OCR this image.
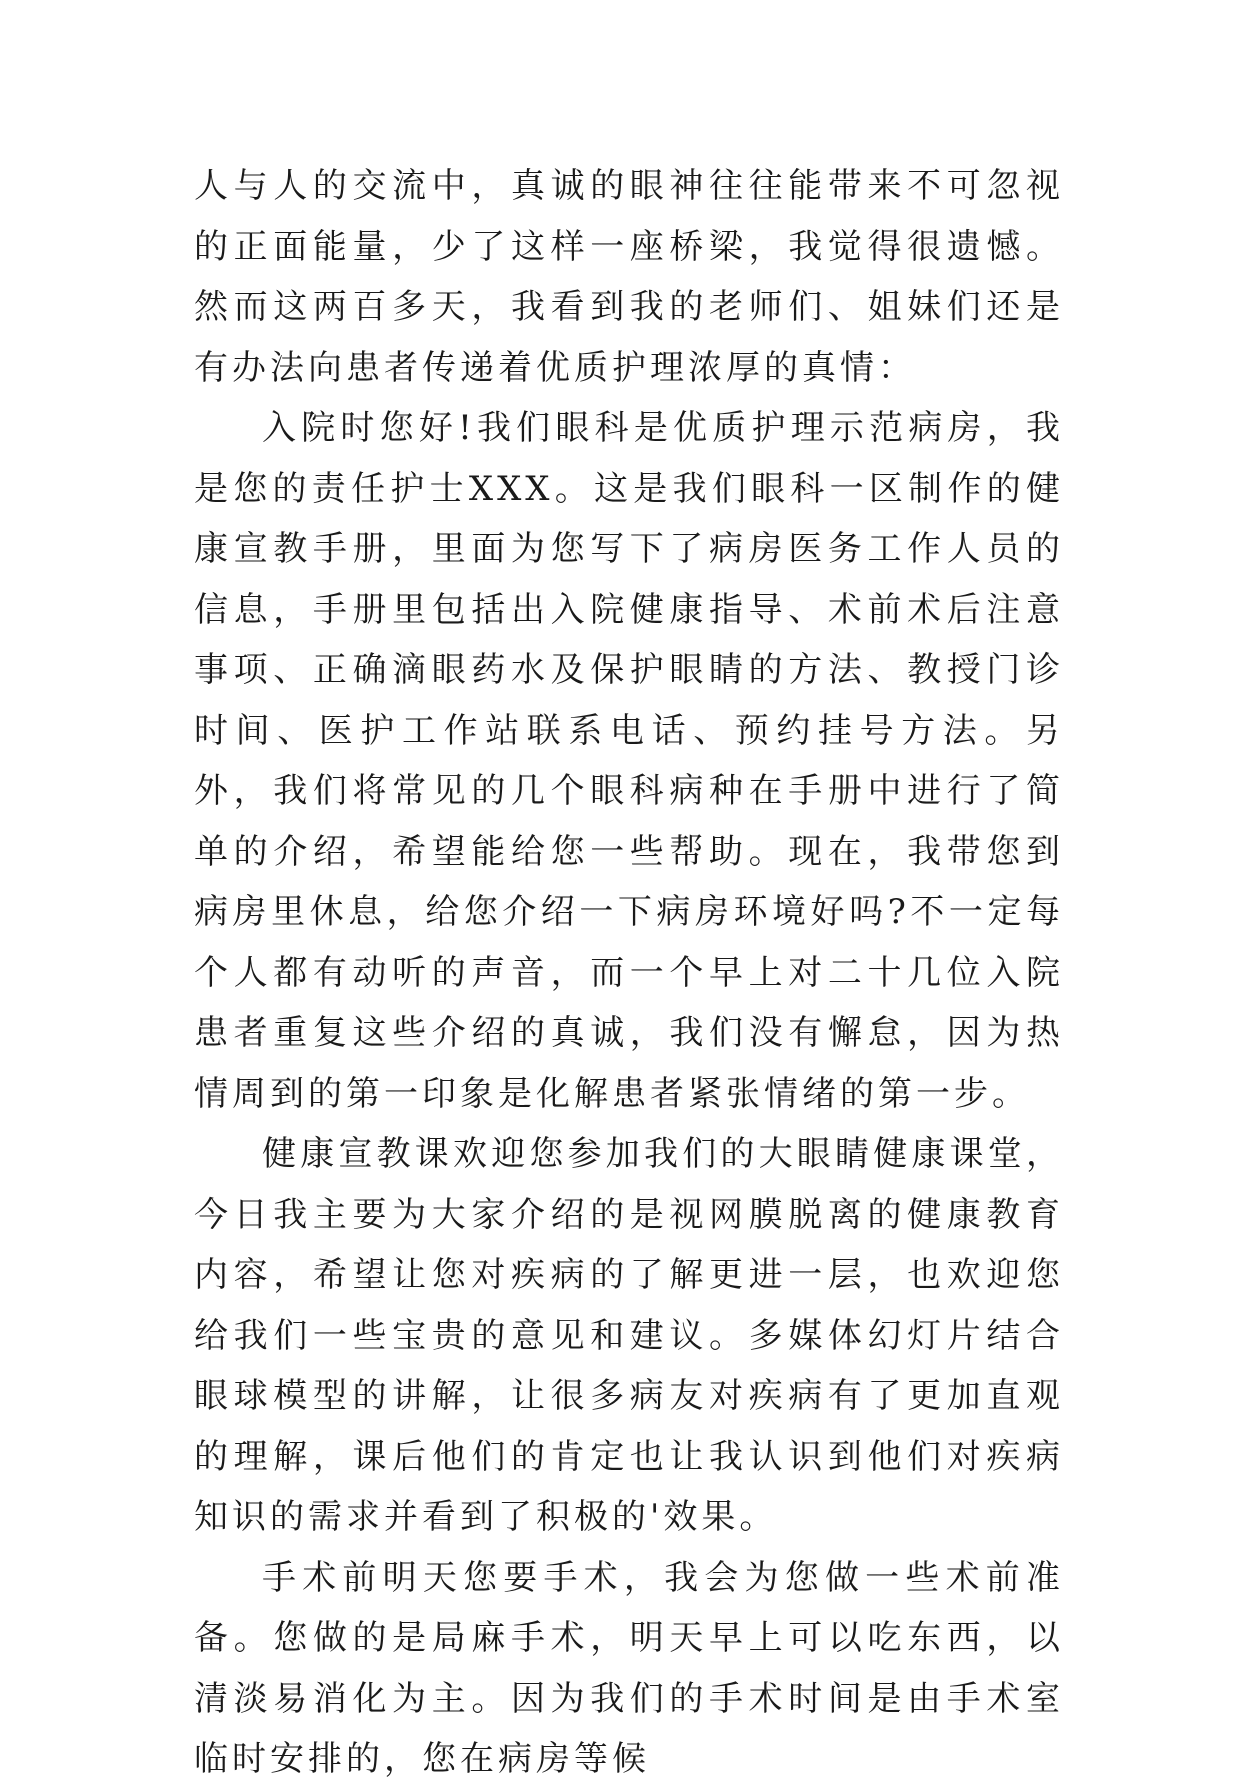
人与人的交流中，真诚的眼神往往能带来不可忽视的正面能量，少了这样一座桥梁，我觉得很遗憾。然而这两百多天，我看到我的老师们、姐妹们还是有办法向患者传递着优质护理浓厚的真情：

入院时您好!我们眼科是优质护理示范病房，我是您的责任护士XXX。这是我们眼科一区制作的健康宣教手册，里面为您写下了病房医务工作人员的信息，手册里包括出入院健康指导、术前术后注意事项、正确滴眼药水及保护眼睛的方法、教授门诊时间、医护工作站联系电话、预约挂号方法。另外，我们将常见的几个眼科病种在手册中进行了简单的介绍，希望能给您一些帮助。现在，我带您到病房里休息，给您介绍一下病房环境好吗?不一定每个人都有动听的声音，而一个早上对二十几位入院患者重复这些介绍的真诚，我们没有懈怠，因为热情周到的第一印象是化解患者紧张情绪的第一步。

健康宣教课欢迎您参加我们的大眼睛健康课堂，今日我主要为大家介绍的是视网膜脱离的健康教育内容，希望让您对疾病的了解更进一层，也欢迎您给我们一些宝贵的意见和建议。多媒体幻灯片结合眼球模型的讲解，让很多病友对疾病有了更加直观的理解，课后他们的肯定也让我认识到他们对疾病知识的需求并看到了积极的'效果。

手术前明天您要手术，我会为您做一些术前准备。您做的是局麻手术，明天早上可以吃东西，以清淡易消化为主。因为我们的手术时间是由手术室临时安排的，您在病房等候
